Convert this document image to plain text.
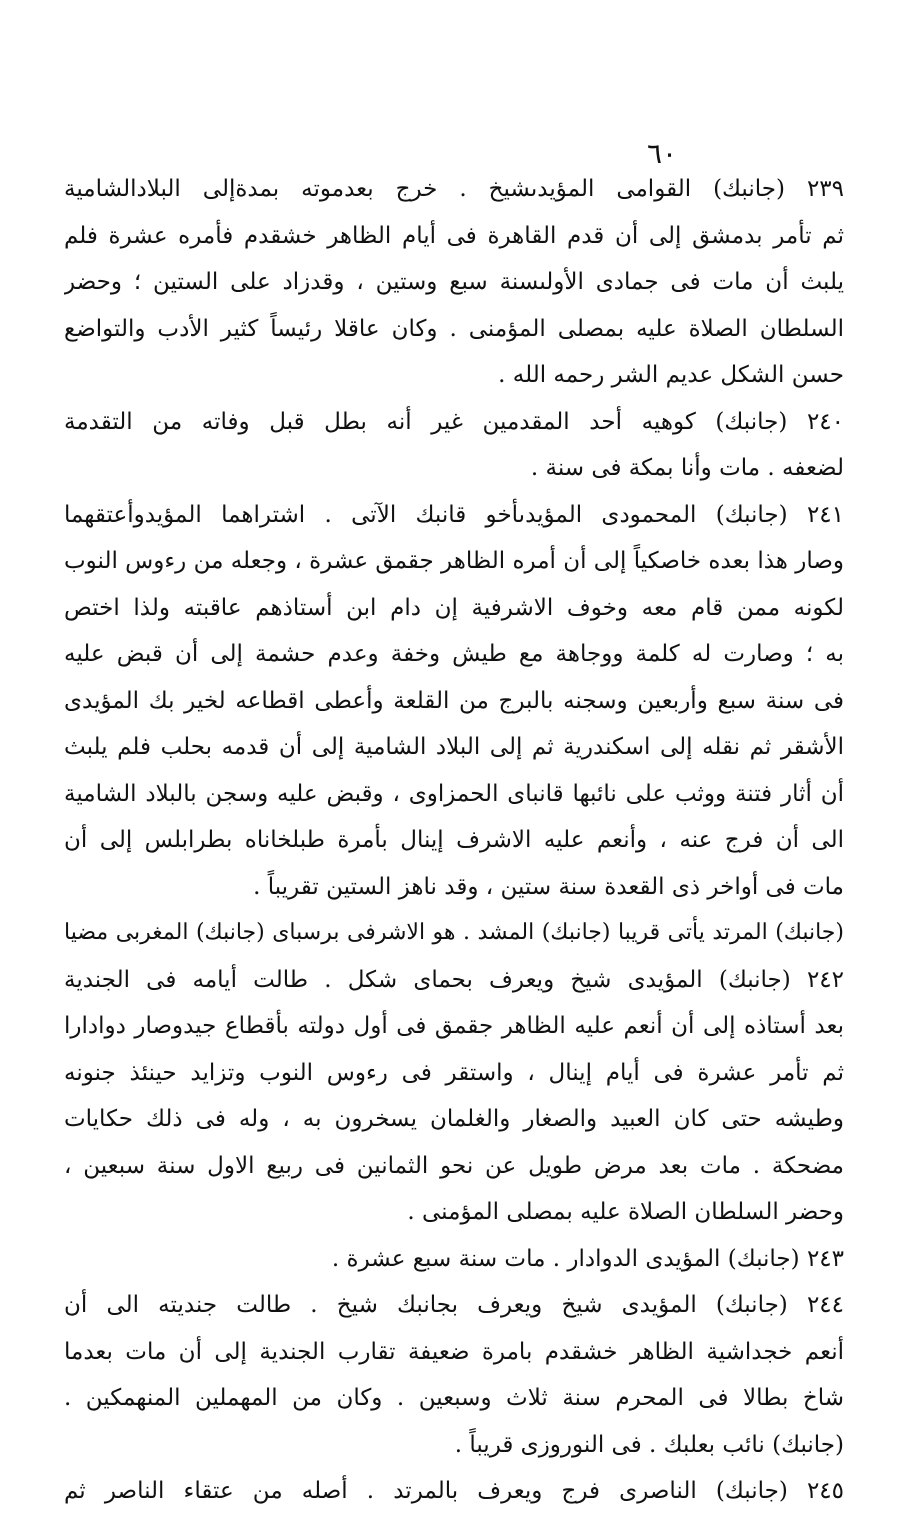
٦٠
٢٣٩ (جانبك) القوامى المؤيدىشيخ . خرج بعدموته بمدةإلى البلادالشامية
ثم تأمر بدمشق إلى أن قدم القاهرة فى أيام الظاهر خشقدم فأمره عشرة فلم
يلبث أن مات فى جمادى الأولىسنة سبع وستين ، وقدزاد على الستين ؛ وحضر
السلطان الصلاة عليه بمصلى المؤمنى . وكان عاقلا رئيساً كثير الأدب والتواضع
حسن الشكل عديم الشر رحمه الله .
٢٤٠ (جانبك) كوهيه أحد المقدمين غير أنه بطل قبل وفاته من التقدمة
لضعفه . مات وأنا بمكة فى سنة .
٢٤١ (جانبك) المحمودى المؤيدىأخو قانبك الآتى . اشتراهما المؤيدوأعتقهما
وصار هذا بعده خاصكياً إلى أن أمره الظاهر جقمق عشرة ، وجعله من رءوس النوب
لكونه ممن قام معه وخوف الاشرفية إن دام ابن أستاذهم عاقبته ولذا اختص
به ؛ وصارت له كلمة ووجاهة مع طيش وخفة وعدم حشمة إلى أن قبض عليه
فى سنة سبع وأربعين وسجنه بالبرج من القلعة وأعطى اقطاعه لخير بك المؤيدى
الأشقر ثم نقله إلى اسكندرية ثم إلى البلاد الشامية إلى أن قدمه بحلب فلم يلبث
أن أثار فتنة ووثب على نائبها قانباى الحمزاوى ، وقبض عليه وسجن بالبلاد الشامية
الى أن فرج عنه ، وأنعم عليه الاشرف إينال بأمرة طبلخاناه بطرابلس إلى أن
مات فى أواخر ذى القعدة سنة ستين ، وقد ناهز الستين تقريباً .
(جانبك) المرتد يأتى قريبا (جانبك) المشد . هو الاشرفى برسباى (جانبك) المغربى مضيا
٢٤٢ (جانبك) المؤيدى شيخ ويعرف بحماى شكل . طالت أيامه فى الجندية
بعد أستاذه إلى أن أنعم عليه الظاهر جقمق فى أول دولته بأقطاع جيدوصار دوادارا
ثم تأمر عشرة فى أيام إينال ، واستقر فى رءوس النوب وتزايد حينئذ جنونه
وطيشه حتى كان العبيد والصغار والغلمان يسخرون به ، وله فى ذلك حكايات
مضحكة . مات بعد مرض طويل عن نحو الثمانين فى ربيع الاول سنة سبعين ،
وحضر السلطان الصلاة عليه بمصلى المؤمنى .
٢٤٣ (جانبك) المؤيدى الدوادار . مات سنة سبع عشرة .
٢٤٤ (جانبك) المؤيدى شيخ ويعرف بجانبك شيخ . طالت جنديته الى أن
أنعم خجداشية الظاهر خشقدم بامرة ضعيفة تقارب الجندية إلى أن مات بعدما
شاخ بطالا فى المحرم سنة ثلاث وسبعين . وكان من المهملين المنهمكين .
(جانبك) نائب بعلبك . فى النوروزى قريباً .
٢٤٥ (جانبك) الناصرى فرج ويعرف بالمرتد . أصله من عتقاء الناصر ثم
